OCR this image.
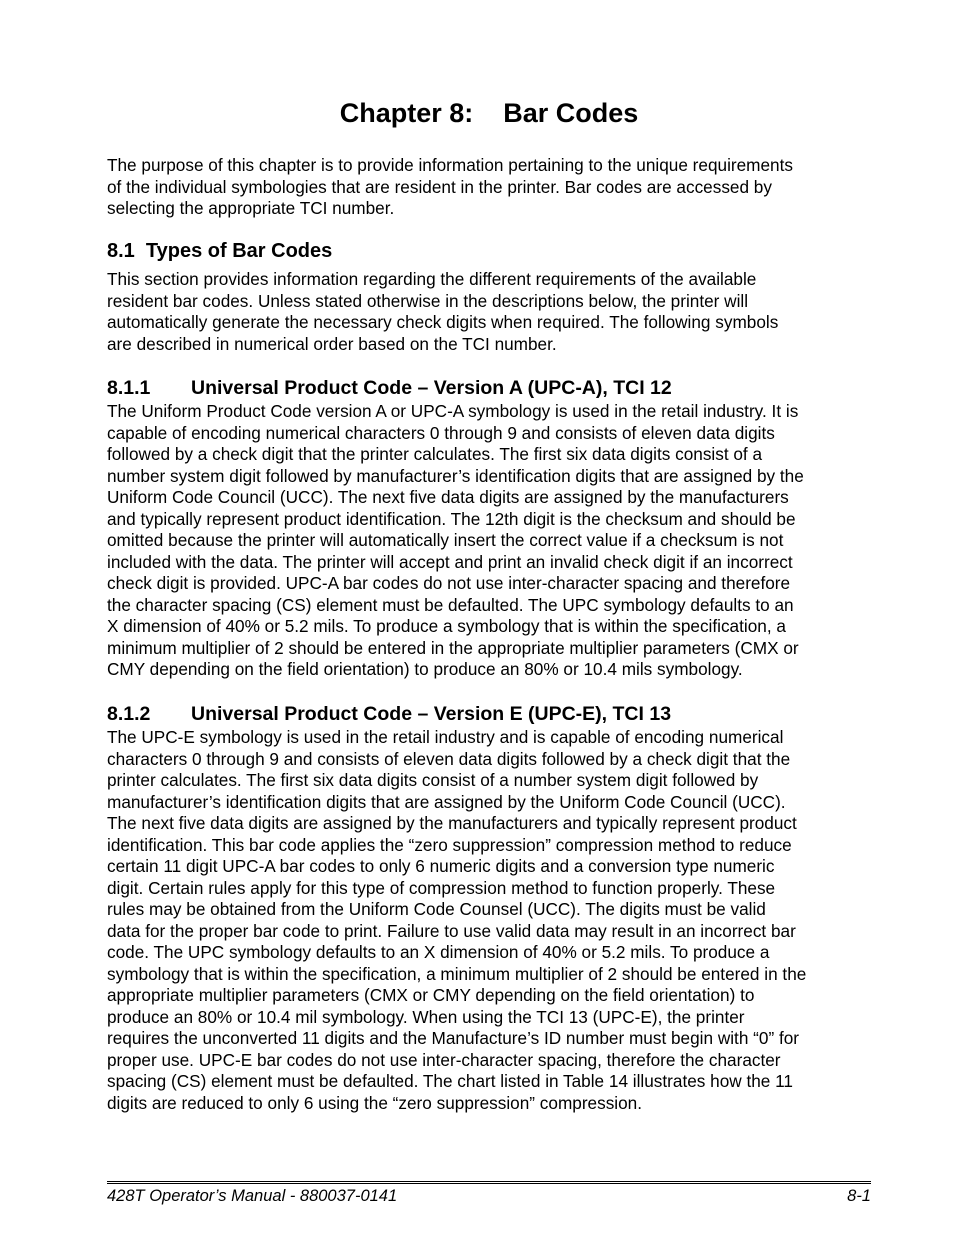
Chapter 8:    Bar Codes

The purpose of this chapter is to provide information pertaining to the unique requirements
of the individual symbologies that are resident in the printer. Bar codes are accessed by
selecting the appropriate TCI number.

8.1  Types of Bar Codes

This section provides information regarding the different requirements of the available
resident bar codes. Unless stated otherwise in the descriptions below, the printer will
automatically generate the necessary check digits when required. The following symbols
are described in numerical order based on the TCI number.

8.1.1 Universal Product Code – Version A (UPC-A), TCI 12

The Uniform Product Code version A or UPC-A symbology is used in the retail industry. It is
capable of encoding numerical characters 0 through 9 and consists of eleven data digits
followed by a check digit that the printer calculates. The first six data digits consist of a
number system digit followed by manufacturer’s identification digits that are assigned by the
Uniform Code Council (UCC). The next five data digits are assigned by the manufacturers
and typically represent product identification. The 12th digit is the checksum and should be
omitted because the printer will automatically insert the correct value if a checksum is not
included with the data. The printer will accept and print an invalid check digit if an incorrect
check digit is provided. UPC-A bar codes do not use inter-character spacing and therefore
the character spacing (CS) element must be defaulted. The UPC symbology defaults to an
X dimension of 40% or 5.2 mils. To produce a symbology that is within the specification, a
minimum multiplier of 2 should be entered in the appropriate multiplier parameters (CMX or
CMY depending on the field orientation) to produce an 80% or 10.4 mils symbology.

8.1.2 Universal Product Code – Version E (UPC-E), TCI 13

The UPC-E symbology is used in the retail industry and is capable of encoding numerical
characters 0 through 9 and consists of eleven data digits followed by a check digit that the
printer calculates. The first six data digits consist of a number system digit followed by
manufacturer’s identification digits that are assigned by the Uniform Code Council (UCC).
The next five data digits are assigned by the manufacturers and typically represent product
identification. This bar code applies the “zero suppression” compression method to reduce
certain 11 digit UPC-A bar codes to only 6 numeric digits and a conversion type numeric
digit. Certain rules apply for this type of compression method to function properly. These
rules may be obtained from the Uniform Code Counsel (UCC). The digits must be valid
data for the proper bar code to print. Failure to use valid data may result in an incorrect bar
code. The UPC symbology defaults to an X dimension of 40% or 5.2 mils. To produce a
symbology that is within the specification, a minimum multiplier of 2 should be entered in the
appropriate multiplier parameters (CMX or CMY depending on the field orientation) to
produce an 80% or 10.4 mil symbology. When using the TCI 13 (UPC-E), the printer
requires the unconverted 11 digits and the Manufacture’s ID number must begin with “0” for
proper use. UPC-E bar codes do not use inter-character spacing, therefore the character
spacing (CS) element must be defaulted. The chart listed in Table 14 illustrates how the 11
digits are reduced to only 6 using the “zero suppression” compression.

428T Operator’s Manual - 880037-0141	8-1
